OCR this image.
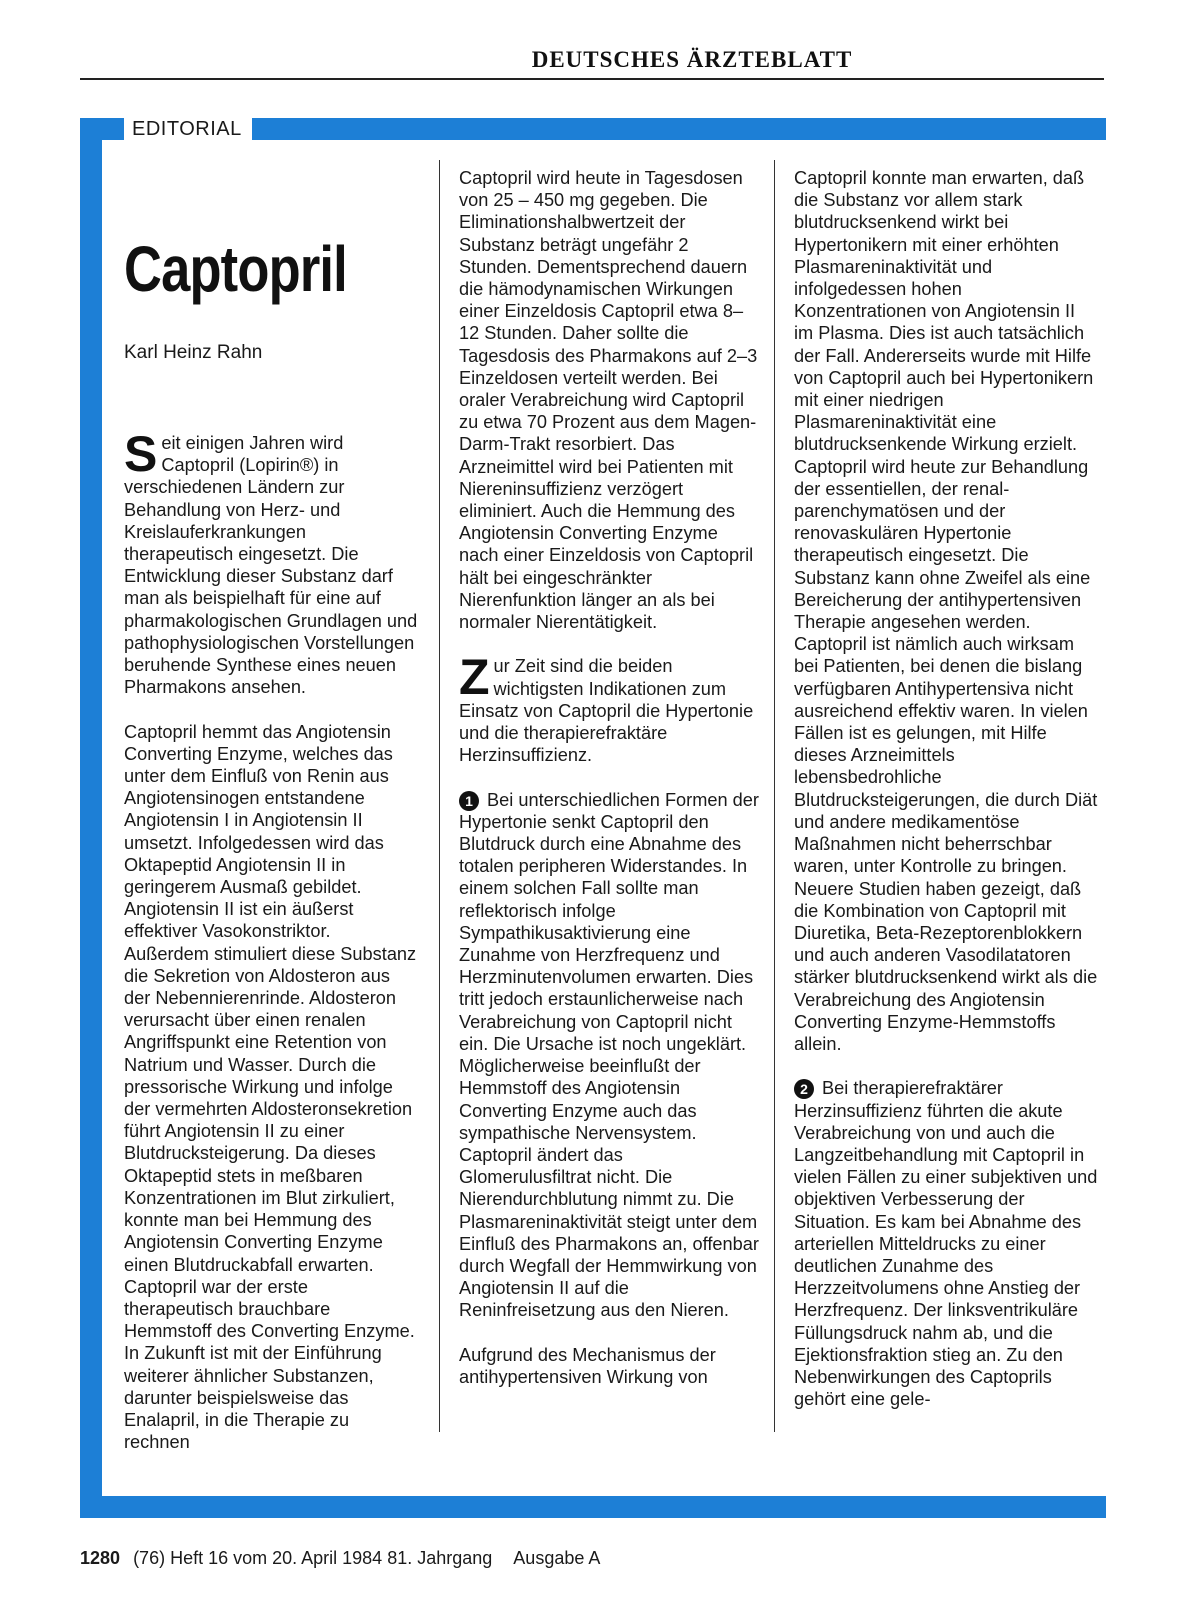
DEUTSCHES ÄRZTEBLATT
EDITORIAL
Captopril
Karl Heinz Rahn

Seit einigen Jahren wird Captopril (Lopirin®) in verschiedenen Ländern zur Behandlung von Herz- und Kreislauferkrankungen therapeutisch eingesetzt. Die Entwicklung dieser Substanz darf man als beispielhaft für eine auf pharmakologischen Grundlagen und pathophysiologischen Vorstellungen beruhende Synthese eines neuen Pharmakons ansehen.

Captopril hemmt das Angiotensin Converting Enzyme, welches das unter dem Einfluß von Renin aus Angiotensinogen entstandene Angiotensin I in Angiotensin II umsetzt. Infolgedessen wird das Oktapeptid Angiotensin II in geringerem Ausmaß gebildet. Angiotensin II ist ein äußerst effektiver Vasokonstriktor. Außerdem stimuliert diese Substanz die Sekretion von Aldosteron aus der Nebennierenrinde. Aldosteron verursacht über einen renalen Angriffspunkt eine Retention von Natrium und Wasser. Durch die pressorische Wirkung und infolge der vermehrten Aldosteronsekretion führt Angiotensin II zu einer Blutdrucksteigerung. Da dieses Oktapeptid stets in meßbaren Konzentrationen im Blut zirkuliert, konnte man bei Hemmung des Angiotensin Converting Enzyme einen Blutdruckabfall erwarten. Captopril war der erste therapeutisch brauchbare Hemmstoff des Converting Enzyme. In Zukunft ist mit der Einführung weiterer ähnlicher Substanzen, darunter beispielsweise das Enalapril, in die Therapie zu rechnen

Captopril wird heute in Tagesdosen von 25 – 450 mg gegeben. Die Eliminationshalbwertzeit der Substanz beträgt ungefähr 2 Stunden. Dementsprechend dauern die hämodynamischen Wirkungen einer Einzeldosis Captopril etwa 8–12 Stunden. Daher sollte die Tagesdosis des Pharmakons auf 2–3 Einzeldosen verteilt werden. Bei oraler Verabreichung wird Captopril zu etwa 70 Prozent aus dem Magen-Darm-Trakt resorbiert. Das Arzneimittel wird bei Patienten mit Niereninsuffizienz verzögert eliminiert. Auch die Hemmung des Angiotensin Converting Enzyme nach einer Einzeldosis von Captopril hält bei eingeschränkter Nierenfunktion länger an als bei normaler Nierentätigkeit.

Zur Zeit sind die beiden wichtigsten Indikationen zum Einsatz von Captopril die Hypertonie und die therapierefraktäre Herzinsuffizienz.

1 Bei unterschiedlichen Formen der Hypertonie senkt Captopril den Blutdruck durch eine Abnahme des totalen peripheren Widerstandes. In einem solchen Fall sollte man reflektorisch infolge Sympathikusaktivierung eine Zunahme von Herzfrequenz und Herzminutenvolumen erwarten. Dies tritt jedoch erstaunlicherweise nach Verabreichung von Captopril nicht ein. Die Ursache ist noch ungeklärt. Möglicherweise beeinflußt der Hemmstoff des Angiotensin Converting Enzyme auch das sympathische Nervensystem. Captopril ändert das Glomerulusfiltrat nicht. Die Nierendurchblutung nimmt zu. Die Plasmareninaktivität steigt unter dem Einfluß des Pharmakons an, offenbar durch Wegfall der Hemmwirkung von Angiotensin II auf die Reninfreisetzung aus den Nieren.

Aufgrund des Mechanismus der antihypertensiven Wirkung von

Captopril konnte man erwarten, daß die Substanz vor allem stark blutdrucksenkend wirkt bei Hypertonikern mit einer erhöhten Plasmareninaktivität und infolgedessen hohen Konzentrationen von Angiotensin II im Plasma. Dies ist auch tatsächlich der Fall. Andererseits wurde mit Hilfe von Captopril auch bei Hypertonikern mit einer niedrigen Plasmareninaktivität eine blutdrucksenkende Wirkung erzielt. Captopril wird heute zur Behandlung der essentiellen, der renal-parenchymatösen und der renovaskulären Hypertonie therapeutisch eingesetzt. Die Substanz kann ohne Zweifel als eine Bereicherung der antihypertensiven Therapie angesehen werden. Captopril ist nämlich auch wirksam bei Patienten, bei denen die bislang verfügbaren Antihypertensiva nicht ausreichend effektiv waren. In vielen Fällen ist es gelungen, mit Hilfe dieses Arzneimittels lebensbedrohliche Blutdrucksteigerungen, die durch Diät und andere medikamentöse Maßnahmen nicht beherrschbar waren, unter Kontrolle zu bringen. Neuere Studien haben gezeigt, daß die Kombination von Captopril mit Diuretika, Beta-Rezeptorenblokkern und auch anderen Vasodilatatoren stärker blutdrucksenkend wirkt als die Verabreichung des Angiotensin Converting Enzyme-Hemmstoffs allein.

2 Bei therapierefraktärer Herzinsuffizienz führten die akute Verabreichung von und auch die Langzeitbehandlung mit Captopril in vielen Fällen zu einer subjektiven und objektiven Verbesserung der Situation. Es kam bei Abnahme des arteriellen Mitteldrucks zu einer deutlichen Zunahme des Herzzeitvolumens ohne Anstieg der Herzfrequenz. Der linksventrikuläre Füllungsdruck nahm ab, und die Ejektionsfraktion stieg an. Zu den Nebenwirkungen des Captoprils gehört eine gele-

1280 (76) Heft 16 vom 20. April 1984 81. Jahrgang Ausgabe A
